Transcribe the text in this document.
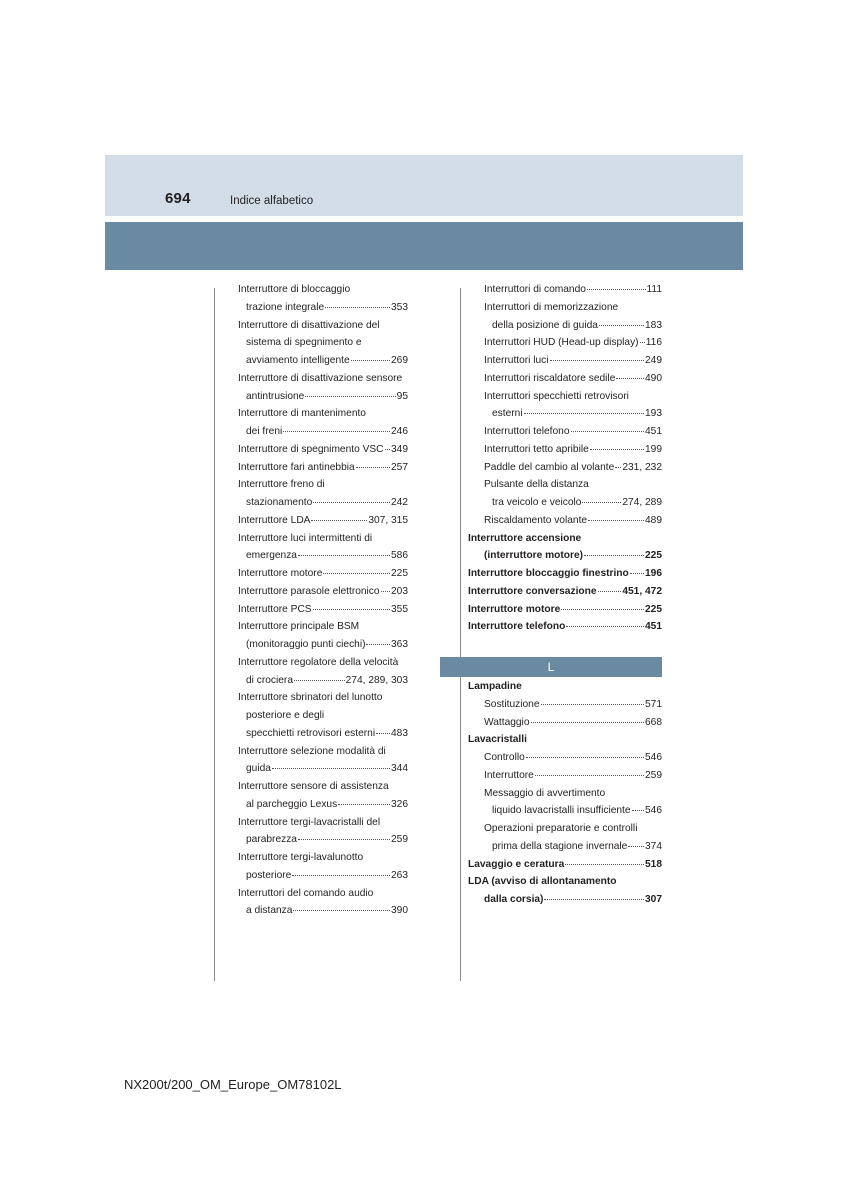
694	Indice alfabetico
Interruttore di bloccaggio
trazione integrale	353
Interruttore di disattivazione del
sistema di spegnimento e
avviamento intelligente	269
Interruttore di disattivazione sensore
antintrusione	95
Interruttore di mantenimento
dei freni	246
Interruttore di spegnimento VSC 349
Interruttore fari antinebbia	257
Interruttore freno di
stazionamento	242
Interruttore LDA	307, 315
Interruttore luci intermittenti di
emergenza	586
Interruttore motore	225
Interruttore parasole elettronico 203
Interruttore PCS	355
Interruttore principale BSM
(monitoraggio punti ciechi)	363
Interruttore regolatore della velocità
di crociera	274, 289, 303
Interruttore sbrinatori del lunotto
posteriore e degli
specchietti retrovisori esterni 483
Interruttore selezione modalità di
guida	344
Interruttore sensore di assistenza
al parcheggio Lexus	326
Interruttore tergi-lavacristalli del
parabrezza	259
Interruttore tergi-lavalunotto
posteriore	263
Interruttori del comando audio
a distanza	390
Interruttori di comando	111
Interruttori di memorizzazione
della posizione di guida	183
Interruttori HUD (Head-up display) 116
Interruttori luci	249
Interruttori riscaldatore sedile	490
Interruttori specchietti retrovisori
esterni	193
Interruttori telefono	451
Interruttori tetto apribile	199
Paddle del cambio al volante 231, 232
Pulsante della distanza
tra veicolo e veicolo	274, 289
Riscaldamento volante	489
Interruttore accensione
(interruttore motore)	225
Interruttore bloccaggio finestrino 196
Interruttore conversazione	451, 472
Interruttore motore	225
Interruttore telefono	451
L
Lampadine
Sostituzione	571
Wattaggio	668
Lavacristalli
Controllo	546
Interruttore	259
Messaggio di avvertimento
liquido lavacristalli insufficiente 546
Operazioni preparatorie e controlli
prima della stagione invernale 374
Lavaggio e ceratura	518
LDA (avviso di allontanamento
dalla corsia)	307
NX200t/200_OM_Europe_OM78102L
